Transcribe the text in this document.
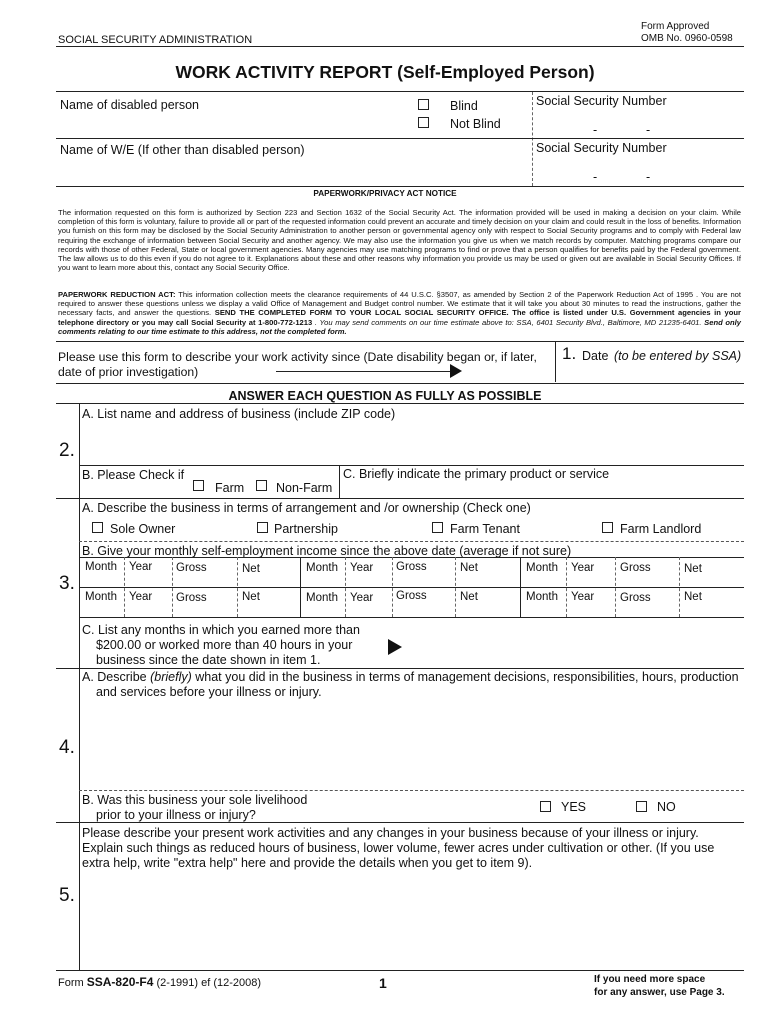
SOCIAL SECURITY ADMINISTRATION
Form Approved
OMB No. 0960-0598
WORK ACTIVITY REPORT (Self-Employed Person)
Name of disabled person	Blind
Not Blind
Social Security Number
-	-
Name of W/E (If other than disabled person)	Social Security Number
-	-
PAPERWORK/PRIVACY ACT NOTICE
The information requested on this form is authorized by Section 223 and Section 1632 of the Social Security Act. The information provided will be used in making a decision on your claim. While completion of this form is voluntary, failure to provide all or part of the requested information could prevent an accurate and timely decision on your claim and could result in the loss of benefits. Information you furnish on this form may be disclosed by the Social Security Administration to another person or governmental agency only with respect to Social Security programs and to comply with Federal law requiring the exchange of information between Social Security and another agency. We may also use the information you give us when we match records by computer. Matching programs compare our records with those of other Federal, State or local government agencies. Many agencies may use matching programs to find or prove that a person qualifies for benefits paid by the Federal government. The law allows us to do this even if you do not agree to it. Explanations about these and other reasons why information you provide us may be used or given out are available in Social Security Offices. If you want to learn more about this, contact any Social Security Office.
PAPERWORK REDUCTION ACT: This information collection meets the clearance requirements of 44 U.S.C. §3507, as amended by Section 2 of the Paperwork Reduction Act of 1995 . You are not required to answer these questions unless we display a valid Office of Management and Budget control number. We estimate that it will take you about 30 minutes to read the instructions, gather the necessary facts, and answer the questions. SEND THE COMPLETED FORM TO YOUR LOCAL SOCIAL SECURITY OFFICE. The office is listed under U.S. Government agencies in your telephone directory or you may call Social Security at 1-800-772-1213 . You may send comments on our time estimate above to: SSA, 6401 Security Blvd., Baltimore, MD 21235-6401. Send only comments relating to our time estimate to this address, not the completed form.
Please use this form to describe your work activity since (Date disability began or, if later, date of prior investigation)
1. Date (to be entered by SSA)
ANSWER EACH QUESTION AS FULLY AS POSSIBLE
2.
A. List name and address of business (include ZIP code)
B. Please Check if
Farm	Non-Farm
C. Briefly indicate the primary product or service
3.
A. Describe the business in terms of arrangement and /or ownership (Check one)
Sole Owner	Partnership	Farm Tenant	Farm Landlord
B. Give your monthly self-employment income since the above date (average if not sure)
Month Year Gross	Net	Month Year Gross	Net	Month Year Gross	Net
Month Year Gross	Net	Month Year Gross	Net	Month Year Gross	Net
C. List any months in which you earned more than
$200.00 or worked more than 40 hours in your
business since the date shown in item 1.
4.
A. Describe (briefly) what you did in the business in terms of management decisions, responsibilities, hours, production
and services before your illness or injury.
B. Was this business your sole livelihood
prior to your illness or injury?
YES	NO
5.
Please describe your present work activities and any changes in your business because of your illness or injury.
Explain such things as reduced hours of business, lower volume, fewer acres under cultivation or other. (If you use
extra help, write "extra help" here and provide the details when you get to item 9).
Form SSA-820-F4 (2-1991) ef (12-2008)	1	If you need more space
for any answer, use Page 3.
